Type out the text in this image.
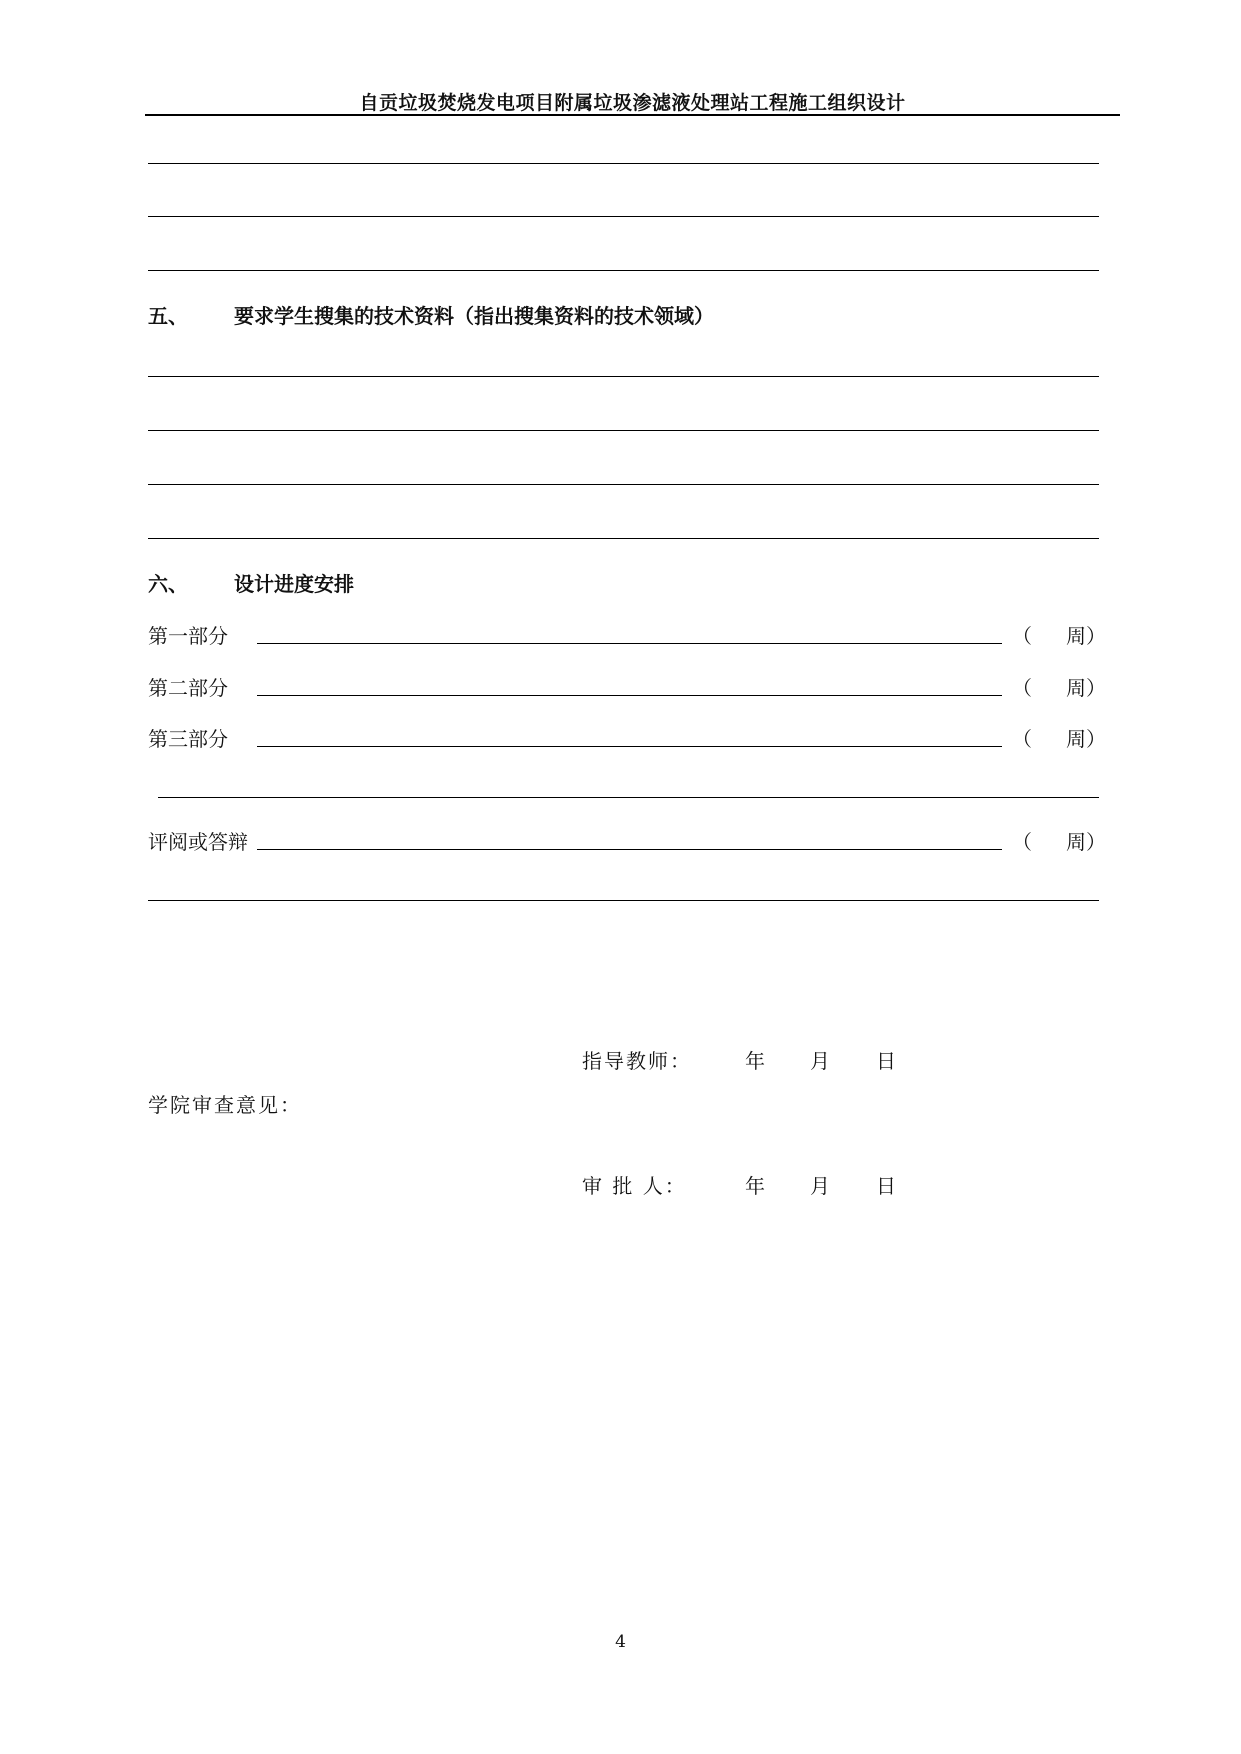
自贡垃圾焚烧发电项目附属垃圾渗滤液处理站工程施工组织设计
五、 要求学生搜集的技术资料（指出搜集资料的技术领域）
六、 设计进度安排
第一部分	（ 周）
第二部分	（ 周）
第三部分	（ 周）
评阅或答辩	（ 周）
指导教师：	年 月 日
学院审查意见：
审 批 人：	年 月 日
4
